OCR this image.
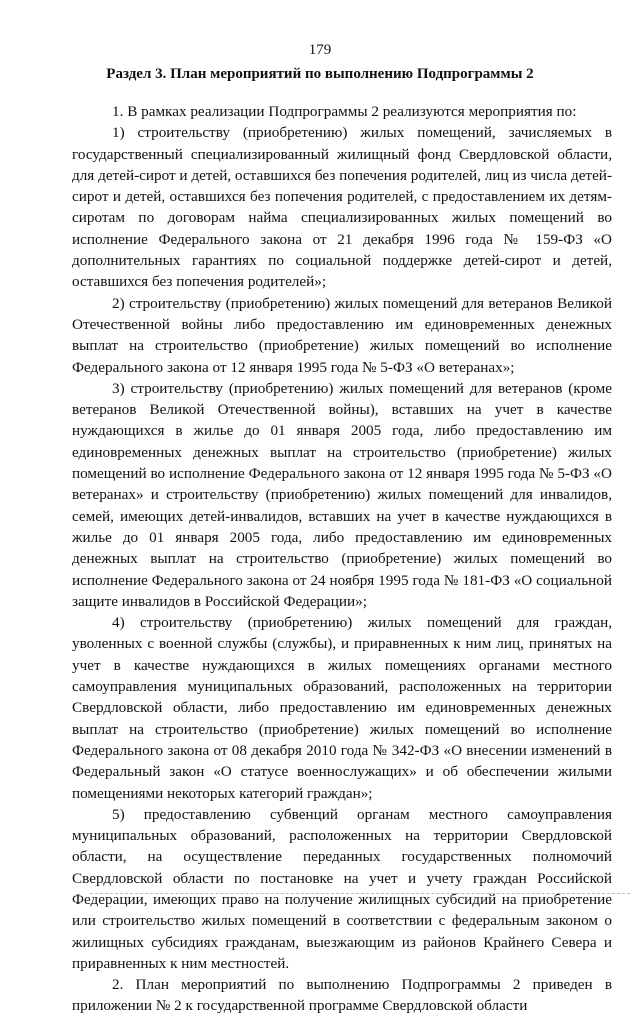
179
Раздел 3. План мероприятий по выполнению Подпрограммы 2

1. В рамках реализации Подпрограммы 2 реализуются мероприятия по:

1) строительству (приобретению) жилых помещений, зачисляемых в государственный специализированный жилищный фонд Свердловской области, для детей-сирот и детей, оставшихся без попечения родителей, лиц из числа детей-сирот и детей, оставшихся без попечения родителей, с предоставлением их детям-сиротам по договорам найма специализированных жилых помещений во исполнение Федерального закона от 21 декабря 1996 года № 159-ФЗ «О дополнительных гарантиях по социальной поддержке детей-сирот и детей, оставшихся без попечения родителей»;

2) строительству (приобретению) жилых помещений для ветеранов Великой Отечественной войны либо предоставлению им единовременных денежных выплат на строительство (приобретение) жилых помещений во исполнение Федерального закона от 12 января 1995 года № 5-ФЗ «О ветеранах»;

3) строительству (приобретению) жилых помещений для ветеранов (кроме ветеранов Великой Отечественной войны), вставших на учет в качестве нуждающихся в жилье до 01 января 2005 года, либо предоставлению им единовременных денежных выплат на строительство (приобретение) жилых помещений во исполнение Федерального закона от 12 января 1995 года № 5-ФЗ «О ветеранах» и строительству (приобретению) жилых помещений для инвалидов, семей, имеющих детей-инвалидов, вставших на учет в качестве нуждающихся в жилье до 01 января 2005 года, либо предоставлению им единовременных денежных выплат на строительство (приобретение) жилых помещений во исполнение Федерального закона от 24 ноября 1995 года № 181-ФЗ «О социальной защите инвалидов в Российской Федерации»;

4) строительству (приобретению) жилых помещений для граждан, уволенных с военной службы (службы), и приравненных к ним лиц, принятых на учет в качестве нуждающихся в жилых помещениях органами местного самоуправления муниципальных образований, расположенных на территории Свердловской области, либо предоставлению им единовременных денежных выплат на строительство (приобретение) жилых помещений во исполнение Федерального закона от 08 декабря 2010 года № 342-ФЗ «О внесении изменений в Федеральный закон «О статусе военнослужащих» и об обеспечении жилыми помещениями некоторых категорий граждан»;

5) предоставлению субвенций органам местного самоуправления муниципальных образований, расположенных на территории Свердловской области, на осуществление переданных государственных полномочий Свердловской области по постановке на учет и учету граждан Российской Федерации, имеющих право на получение жилищных субсидий на приобретение или строительство жилых помещений в соответствии с федеральным законом о жилищных субсидиях гражданам, выезжающим из районов Крайнего Севера и приравненных к ним местностей.

2. План мероприятий по выполнению Подпрограммы 2 приведен в приложении № 2 к государственной программе Свердловской области
